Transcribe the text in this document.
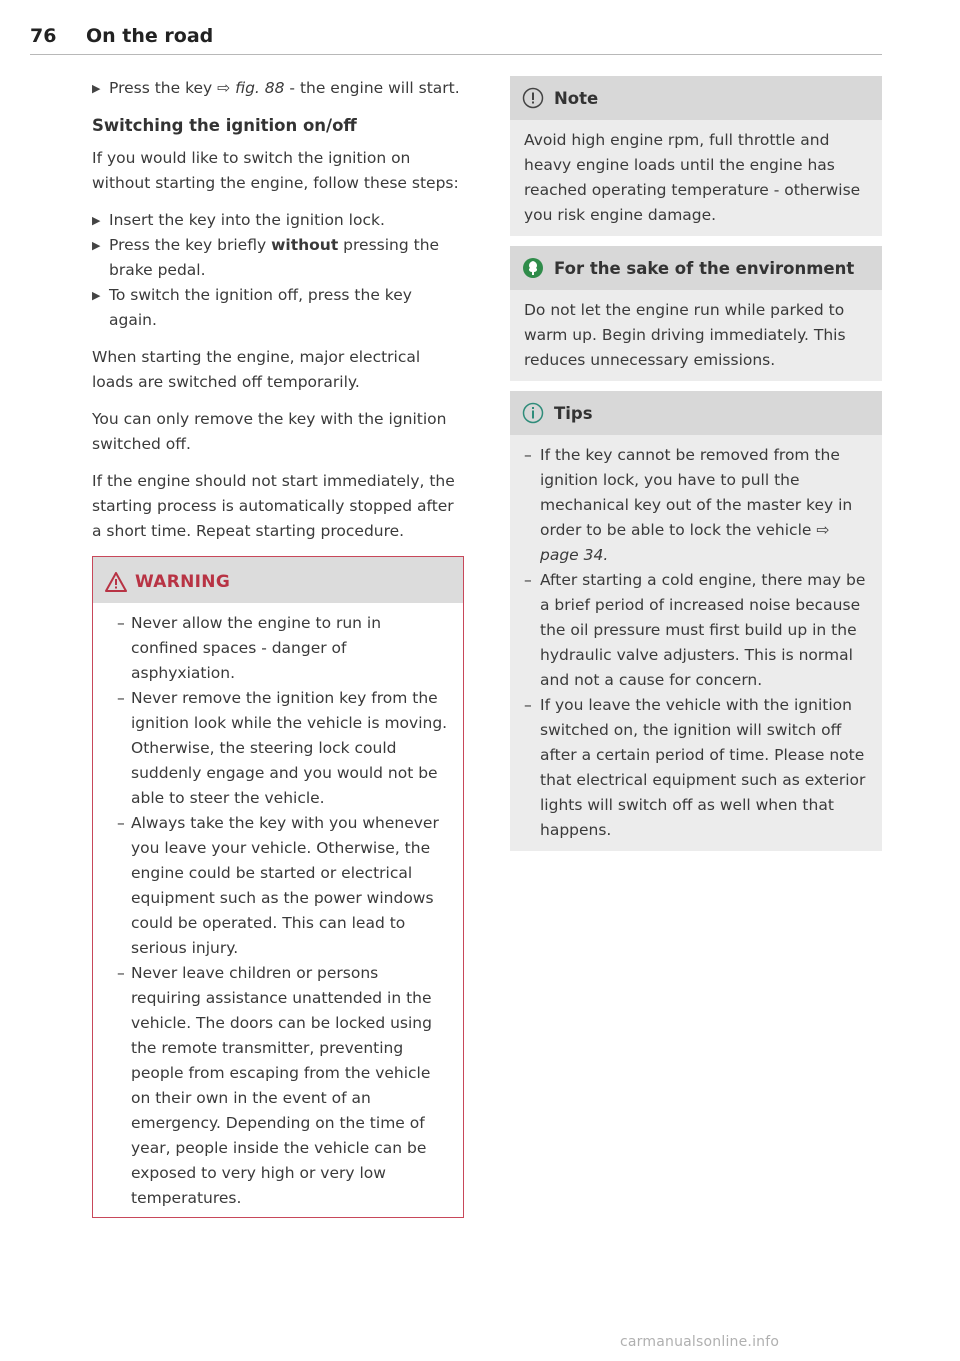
76 On the road
▶ Press the key ⇨ fig. 88 - the engine will start.
Switching the ignition on/off

If you would like to switch the ignition on without starting the engine, follow these steps:

▶ Insert the key into the ignition lock.
▶ Press the key briefly without pressing the brake pedal.
▶ To switch the ignition off, press the key again.

When starting the engine, major electrical loads are switched off temporarily.

You can only remove the key with the ignition switched off.

If the engine should not start immediately, the starting process is automatically stopped after a short time. Repeat starting procedure.

WARNING
– Never allow the engine to run in confined spaces - danger of asphyxiation.
– Never remove the ignition key from the ignition look while the vehicle is moving. Otherwise, the steering lock could suddenly engage and you would not be able to steer the vehicle.
– Always take the key with you whenever you leave your vehicle. Otherwise, the engine could be started or electrical equipment such as the power windows could be operated. This can lead to serious injury.
– Never leave children or persons requiring assistance unattended in the vehicle. The doors can be locked using the remote transmitter, preventing people from escaping from the vehicle on their own in the event of an emergency. Depending on the time of year, people inside the vehicle can be exposed to very high or very low temperatures.
Note
Avoid high engine rpm, full throttle and heavy engine loads until the engine has reached operating temperature - otherwise you risk engine damage.
For the sake of the environment
Do not let the engine run while parked to warm up. Begin driving immediately. This reduces unnecessary emissions.
Tips
– If the key cannot be removed from the ignition lock, you have to pull the mechanical key out of the master key in order to be able to lock the vehicle ⇨ page 34.
– After starting a cold engine, there may be a brief period of increased noise because the oil pressure must first build up in the hydraulic valve adjusters. This is normal and not a cause for concern.
– If you leave the vehicle with the ignition switched on, the ignition will switch off after a certain period of time. Please note that electrical equipment such as exterior lights will switch off as well when that happens.
carmanualsonline.info
